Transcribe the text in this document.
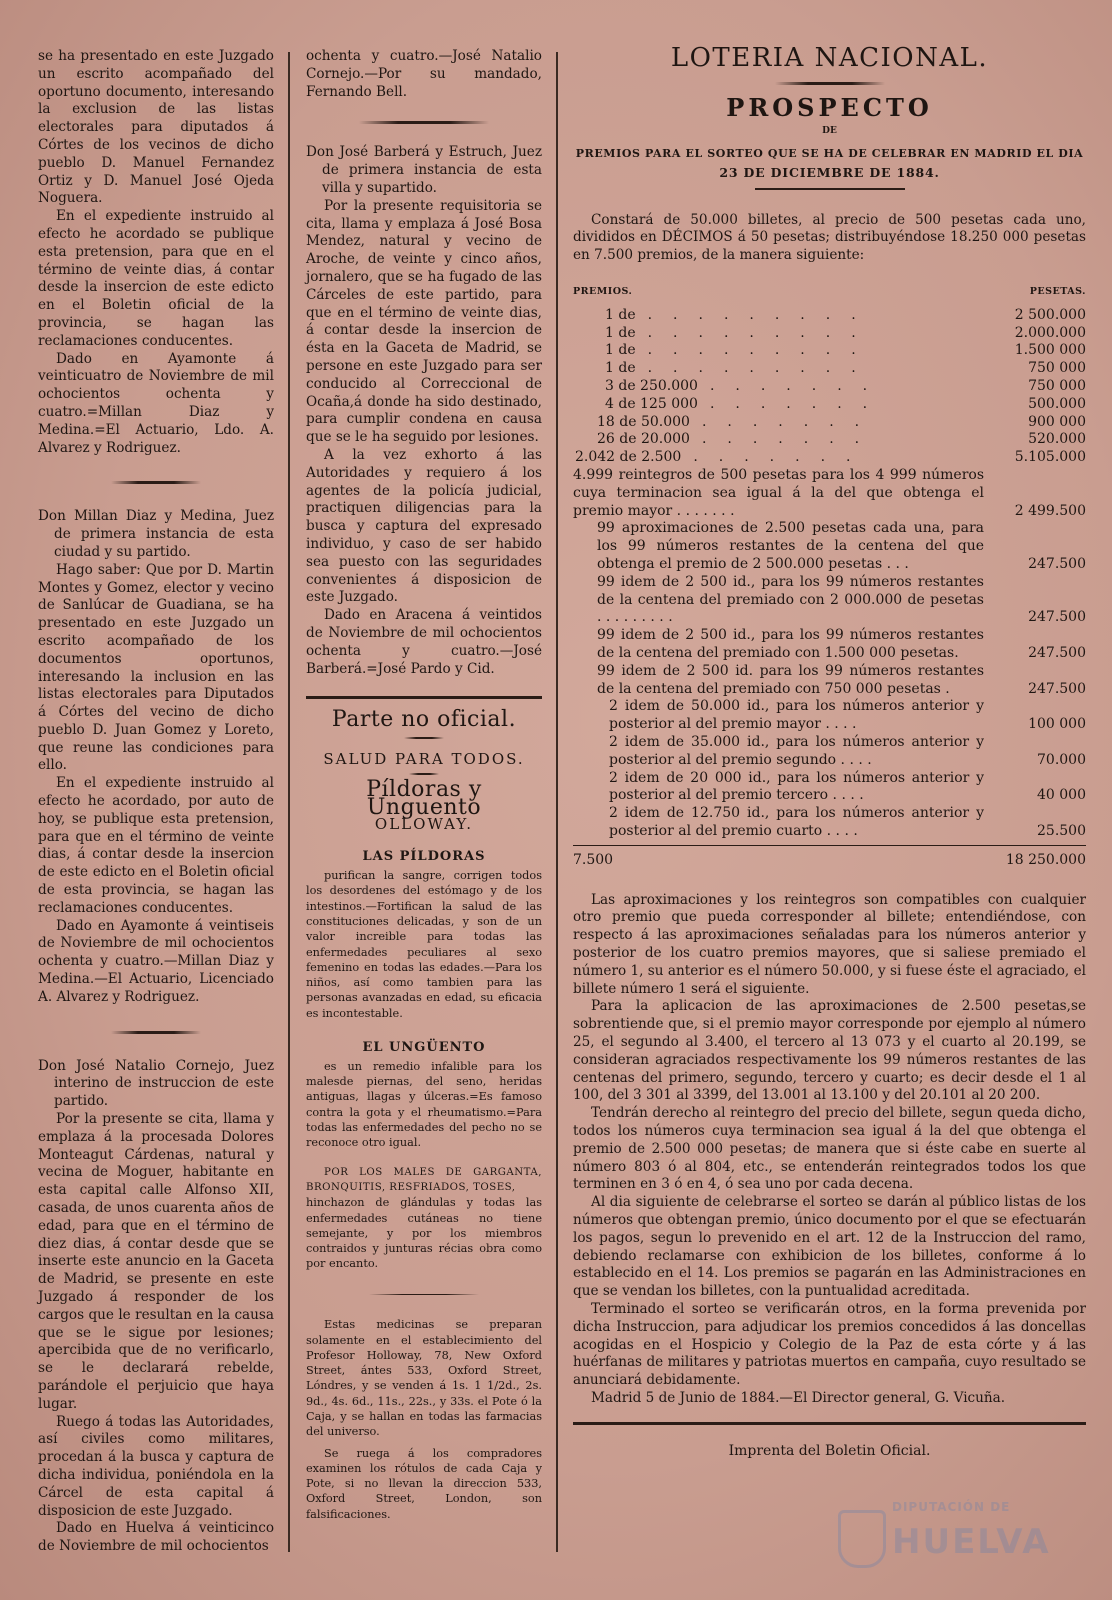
se ha presentado en este Juzgado un escrito acompañado del oportuno documento, interesando la exclusion de las listas electorales para diputados á Córtes de los vecinos de dicho pueblo D. Manuel Fernandez Ortiz y D. Manuel José Ojeda Noguera.

En el expediente instruido al efecto he acordado se publique esta pretension, para que en el término de veinte dias, á contar desde la insercion de este edicto en el Boletin oficial de la provincia, se hagan las reclamaciones conducentes.

Dado en Ayamonte á veinticuatro de Noviembre de mil ochocientos ochenta y cuatro.=Millan Diaz y Medina.=El Actuario, Ldo. A. Alvarez y Rodriguez.

Don Millan Diaz y Medina, Juez de primera instancia de esta ciudad y su partido.

Hago saber: Que por D. Martin Montes y Gomez, elector y vecino de Sanlúcar de Guadiana, se ha presentado en este Juzgado un escrito acompañado de los documentos oportunos, interesando la inclusion en las listas electorales para Diputados á Córtes del vecino de dicho pueblo D. Juan Gomez y Loreto, que reune las condiciones para ello.

En el expediente instruido al efecto he acordado, por auto de hoy, se publique esta pretension, para que en el término de veinte dias, á contar desde la insercion de este edicto en el Boletin oficial de esta provincia, se hagan las reclamaciones conducentes.

Dado en Ayamonte á veintiseis de Noviembre de mil ochocientos ochenta y cuatro.—Millan Diaz y Medina.—El Actuario, Licenciado A. Alvarez y Rodriguez.

Don José Natalio Cornejo, Juez interino de instruccion de este partido.

Por la presente se cita, llama y emplaza á la procesada Dolores Monteagut Cárdenas, natural y vecina de Moguer, habitante en esta capital calle Alfonso XII, casada, de unos cuarenta años de edad, para que en el término de diez dias, á contar desde que se inserte este anuncio en la Gaceta de Madrid, se presente en este Juzgado á responder de los cargos que le resultan en la causa que se le sigue por lesiones; apercibida que de no verificarlo, se le declarará rebelde, parándole el perjuicio que haya lugar.

Ruego á todas las Autoridades, así civiles como militares, procedan á la busca y captura de dicha individua, poniéndola en la Cárcel de esta capital á disposicion de este Juzgado.

Dado en Huelva á veinticinco de Noviembre de mil ochocientos

ochenta y cuatro.—José Natalio Cornejo.—Por su mandado, Fernando Bell.

Don José Barberá y Estruch, Juez de primera instancia de esta villa y supartido.

Por la presente requisitoria se cita, llama y emplaza á José Bosa Mendez, natural y vecino de Aroche, de veinte y cinco años, jornalero, que se ha fugado de las Cárceles de este partido, para que en el término de veinte dias, á contar desde la insercion de ésta en la Gaceta de Madrid, se persone en este Juzgado para ser conducido al Correccional de Ocaña,á donde ha sido destinado, para cumplir condena en causa que se le ha seguido por lesiones.

A la vez exhorto á las Autoridades y requiero á los agentes de la policía judicial, practiquen diligencias para la busca y captura del expresado individuo, y caso de ser habido sea puesto con las seguridades convenientes á disposicion de este Juzgado.

Dado en Aracena á veintidos de Noviembre de mil ochocientos ochenta y cuatro.—José Barberá.=José Pardo y Cid.

Parte no oficial.
SALUD PARA TODOS.
Píldoras y Unguento
OLLOWAY.
LAS PÍLDORAS

purifican la sangre, corrigen todos los desordenes del estómago y de los intestinos.—Fortifican la salud de las constituciones delicadas, y son de un valor increible para todas las enfermedades peculiares al sexo femenino en todas las edades.—Para los niños, así como tambien para las personas avanzadas en edad, su eficacia es incontestable.

EL UNGÜENTO

es un remedio infalible para los malesde piernas, del seno, heridas antiguas, llagas y úlceras.=Es famoso contra la gota y el rheumatismo.=Para todas las enfermedades del pecho no se reconoce otro igual.

POR LOS MALES DE GARGANTA, BRONQUITIS, RESFRIADOS, TOSES,

hinchazon de glándulas y todas las enfermedades cutáneas no tiene semejante, y por los miembros contraidos y junturas récias obra como por encanto.

Estas medicinas se preparan solamente en el establecimiento del Profesor Holloway, 78, New Oxford Street, ántes 533, Oxford Street, Lóndres, y se venden á 1s. 1 1/2d., 2s. 9d., 4s. 6d., 11s., 22s., y 33s. el Pote ó la Caja, y se hallan en todas las farmacias del universo.

Se ruega á los compradores examinen los rótulos de cada Caja y Pote, si no llevan la direccion 533, Oxford Street, London, son falsificaciones.

LOTERIA NACIONAL.
PROSPECTO
DE
PREMIOS PARA EL SORTEO QUE SE HA DE CELEBRAR EN MADRID EL DIA
23 DE DICIEMBRE DE 1884.

Constará de 50.000 billetes, al precio de 500 pesetas cada uno, divididos en DÉCIMOS á 50 pesetas; distribuyéndose 18.250 000 pesetas en 7.500 premios, de la manera siguiente:

PREMIOS.	PESETAS.
1 de .........	2 500.000
1 de .........	2.000.000
1 de .........	1.500 000
1 de .........	750 000
3 de 250.000 .......	750 000
4 de 125 000 .......	500.000
18 de 50.000 .......	900 000
26 de 20.000 .......	520.000
2.042 de 2.500 .......	5.105.000
4.999 reintegros de 500 pesetas para los 4 999 números cuya terminacion sea igual á la del que obtenga el premio mayor . . . . . . .	2 499.500
99 aproximaciones de 2.500 pesetas cada una, para los 99 números restantes de la centena del que obtenga el premio de 2 500.000 pesetas . . .	247.500
99 idem de 2 500 id., para los 99 números restantes de la centena del premiado con 2 000.000 de pesetas . . . . . . . . .	247.500
99 idem de 2 500 id., para los 99 números restantes de la centena del premiado con 1.500 000 pesetas.	247.500
99 idem de 2 500 id. para los 99 números restantes de la centena del premiado con 750 000 pesetas .	247.500
2 idem de 50.000 id., para los números anterior y posterior al del premio mayor . . . .	100 000
2 idem de 35.000 id., para los números anterior y posterior al del premio segundo . . . .	70.000
2 idem de 20 000 id., para los números anterior y posterior al del premio tercero . . . .	40 000
2 idem de 12.750 id., para los números anterior y posterior al del premio cuarto . . . .	25.500
7.500	18 250.000

Las aproximaciones y los reintegros son compatibles con cualquier otro premio que pueda corresponder al billete; entendiéndose, con respecto á las aproximaciones señaladas para los números anterior y posterior de los cuatro premios mayores, que si saliese premiado el número 1, su anterior es el número 50.000, y si fuese éste el agraciado, el billete número 1 será el siguiente.

Para la aplicacion de las aproximaciones de 2.500 pesetas,se sobrentiende que, si el premio mayor corresponde por ejemplo al número 25, el segundo al 3.400, el tercero al 13 073 y el cuarto al 20.199, se consideran agraciados respectivamente los 99 números restantes de las centenas del primero, segundo, tercero y cuarto; es decir desde el 1 al 100, del 3 301 al 3399, del 13.001 al 13.100 y del 20.101 al 20 200.

Tendrán derecho al reintegro del precio del billete, segun queda dicho, todos los números cuya terminacion sea igual á la del que obtenga el premio de 2.500 000 pesetas; de manera que si éste cabe en suerte al número 803 ó al 804, etc., se entenderán reintegrados todos los que terminen en 3 ó en 4, ó sea uno por cada decena.

Al dia siguiente de celebrarse el sorteo se darán al público listas de los números que obtengan premio, único documento por el que se efectuarán los pagos, segun lo prevenido en el art. 12 de la Instruccion del ramo, debiendo reclamarse con exhibicion de los billetes, conforme á lo establecido en el 14. Los premios se pagarán en las Administraciones en que se vendan los billetes, con la puntualidad acreditada.

Terminado el sorteo se verificarán otros, en la forma prevenida por dicha Instruccion, para adjudicar los premios concedidos á las doncellas acogidas en el Hospicio y Colegio de la Paz de esta córte y á las huérfanas de militares y patriotas muertos en campaña, cuyo resultado se anunciará debidamente.

Madrid 5 de Junio de 1884.—El Director general, G. Vicuña.

Imprenta del Boletin Oficial.
DIPUTACIÓN DE
HUELVA
